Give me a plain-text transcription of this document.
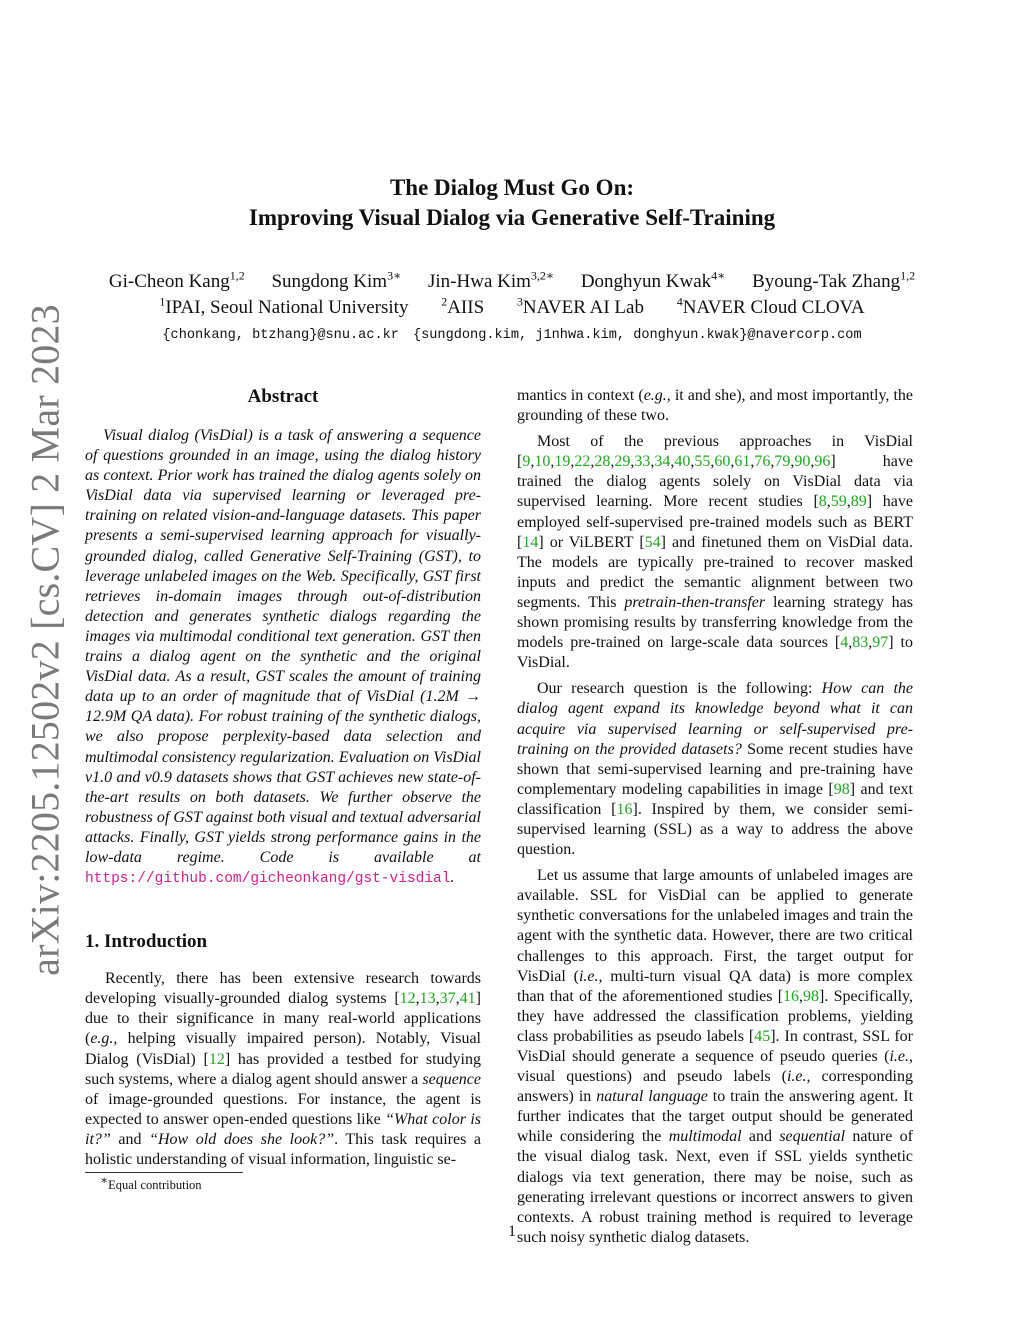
arXiv:2205.12502v2 [cs.CV] 2 Mar 2023
The Dialog Must Go On:
Improving Visual Dialog via Generative Self-Training
Gi-Cheon Kang$^{1,2}$ Sungdong Kim$^{3∗}$ Jin-Hwa Kim$^{3,2∗}$ Donghyun Kwak$^{4∗}$ Byoung-Tak Zhang$^{1,2}$
$^1$IPAI, Seoul National University	$^2$AIIS	$^3$NAVER AI Lab	$^4$NAVER Cloud CLOVA
{chonkang, btzhang}@snu.ac.kr {sungdong.kim, j1nhwa.kim, donghyun.kwak}@navercorp.com
Abstract

Visual dialog (VisDial) is a task of answering a sequence of questions grounded in an image, using the dialog history as context. Prior work has trained the dialog agents solely on VisDial data via supervised learning or leveraged pre-training on related vision-and-language datasets. This paper presents a semi-supervised learning approach for visually-grounded dialog, called Generative Self-Training (GST), to leverage unlabeled images on the Web. Specifically, GST first retrieves in-domain images through out-of-distribution detection and generates synthetic dialogs regarding the images via multimodal conditional text generation. GST then trains a dialog agent on the synthetic and the original VisDial data. As a result, GST scales the amount of training data up to an order of magnitude that of VisDial (1.2M → 12.9M QA data). For robust training of the synthetic dialogs, we also propose perplexity-based data selection and multimodal consistency regularization. Evaluation on VisDial v1.0 and v0.9 datasets shows that GST achieves new state-of-the-art results on both datasets. We further observe the robustness of GST against both visual and textual adversarial attacks. Finally, GST yields strong performance gains in the low-data regime. Code is available at https://github.com/gicheonkang/gst-visdial.

1. Introduction

Recently, there has been extensive research towards developing visually-grounded dialog systems [12,13,37,41] due to their significance in many real-world applications (e.g., helping visually impaired person). Notably, Visual Dialog (VisDial) [12] has provided a testbed for studying such systems, where a dialog agent should answer a sequence of image-grounded questions. For instance, the agent is expected to answer open-ended questions like “What color is it?” and “How old does she look?”. This task requires a holistic understanding of visual information, linguistic se-

mantics in context (e.g., it and she), and most importantly, the grounding of these two.

Most of the previous approaches in VisDial [9,10,19,22,28,29,33,34,40,55,60,61,76,79,90,96] have trained the dialog agents solely on VisDial data via supervised learning. More recent studies [8,59,89] have employed self-supervised pre-trained models such as BERT [14] or ViLBERT [54] and finetuned them on VisDial data. The models are typically pre-trained to recover masked inputs and predict the semantic alignment between two segments. This pretrain-then-transfer learning strategy has shown promising results by transferring knowledge from the models pre-trained on large-scale data sources [4,83,97] to VisDial.

Our research question is the following: How can the dialog agent expand its knowledge beyond what it can acquire via supervised learning or self-supervised pre-training on the provided datasets? Some recent studies have shown that semi-supervised learning and pre-training have complementary modeling capabilities in image [98] and text classification [16]. Inspired by them, we consider semi-supervised learning (SSL) as a way to address the above question.

Let us assume that large amounts of unlabeled images are available. SSL for VisDial can be applied to generate synthetic conversations for the unlabeled images and train the agent with the synthetic data. However, there are two critical challenges to this approach. First, the target output for VisDial (i.e., multi-turn visual QA data) is more complex than that of the aforementioned studies [16,98]. Specifically, they have addressed the classification problems, yielding class probabilities as pseudo labels [45]. In contrast, SSL for VisDial should generate a sequence of pseudo queries (i.e., visual questions) and pseudo labels (i.e., corresponding answers) in natural language to train the answering agent. It further indicates that the target output should be generated while considering the multimodal and sequential nature of the visual dialog task. Next, even if SSL yields synthetic dialogs via text generation, there may be noise, such as generating irrelevant questions or incorrect answers to given contexts. A robust training method is required to leverage such noisy synthetic dialog datasets.

∗Equal contribution
1
